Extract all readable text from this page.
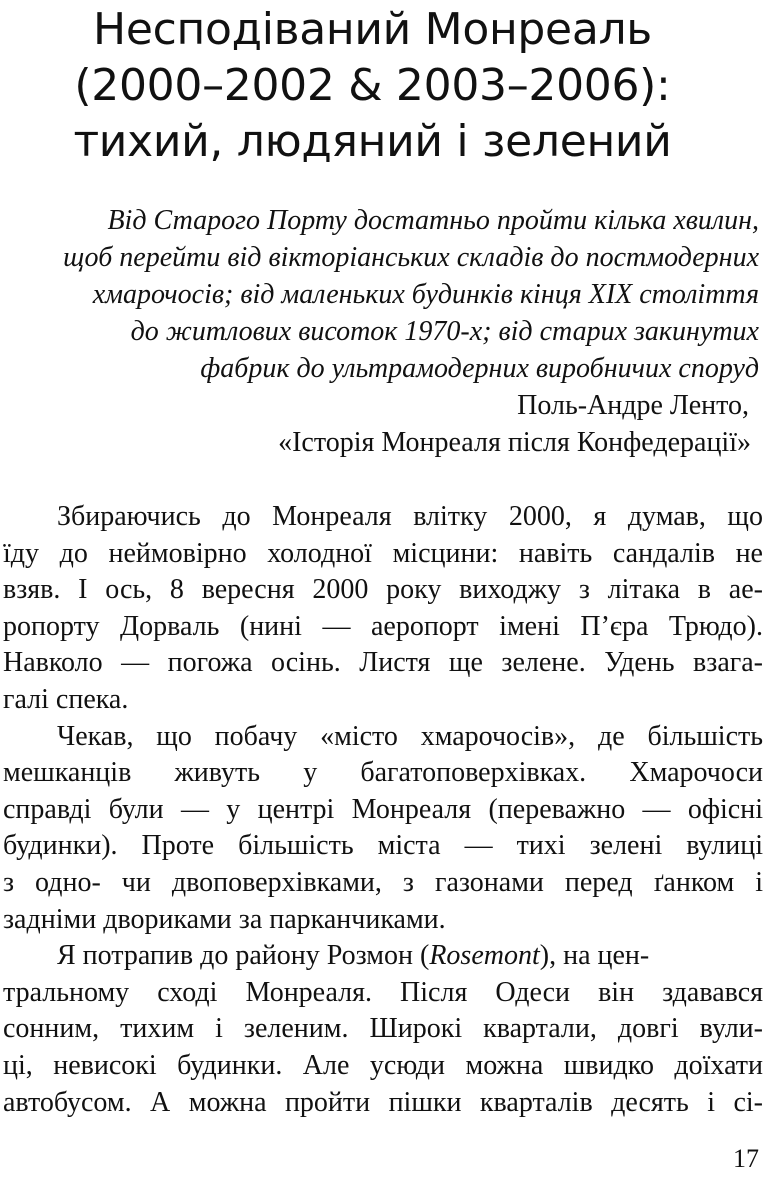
Несподіваний Монреаль
(2000–2002 & 2003–2006):
тихий, людяний і зелений
Від Старого Порту достатньо пройти кілька хвилин,
щоб перейти від вікторіанських складів до постмодерних
хмарочосів; від маленьких будинків кінця XIX століття
до житлових висоток 1970-х; від старих закинутих
фабрик до ультрамодерних виробничих споруд
Поль-Андре Ленто,
«Історія Монреаля після Конфедерації»
Збираючись до Монреаля влітку 2000, я думав, що
їду до неймовірно холодної місцини: навіть сандалів не
взяв. І ось, 8 вересня 2000 року виходжу з літака в ае-
ропорту Дорваль (нині — аеропорт імені П’єра Трюдо).
Навколо — погожа осінь. Листя ще зелене. Удень взага-
галі спека.
Чекав, що побачу «місто хмарочосів», де більшість
мешканців живуть у багатоповерхівках. Хмарочоси
справді були — у центрі Монреаля (переважно — офісні
будинки). Проте більшість міста — тихі зелені вулиці
з одно- чи двоповерхівками, з газонами перед ґанком і
задніми двориками за парканчиками.
Я потрапив до району Розмон (Rosemont), на цен-
тральному сході Монреаля. Після Одеси він здавався
сонним, тихим і зеленим. Широкі квартали, довгі вули-
ці, невисокі будинки. Але усюди можна швидко доїхати
автобусом. А можна пройти пішки кварталів десять і сі-
17
